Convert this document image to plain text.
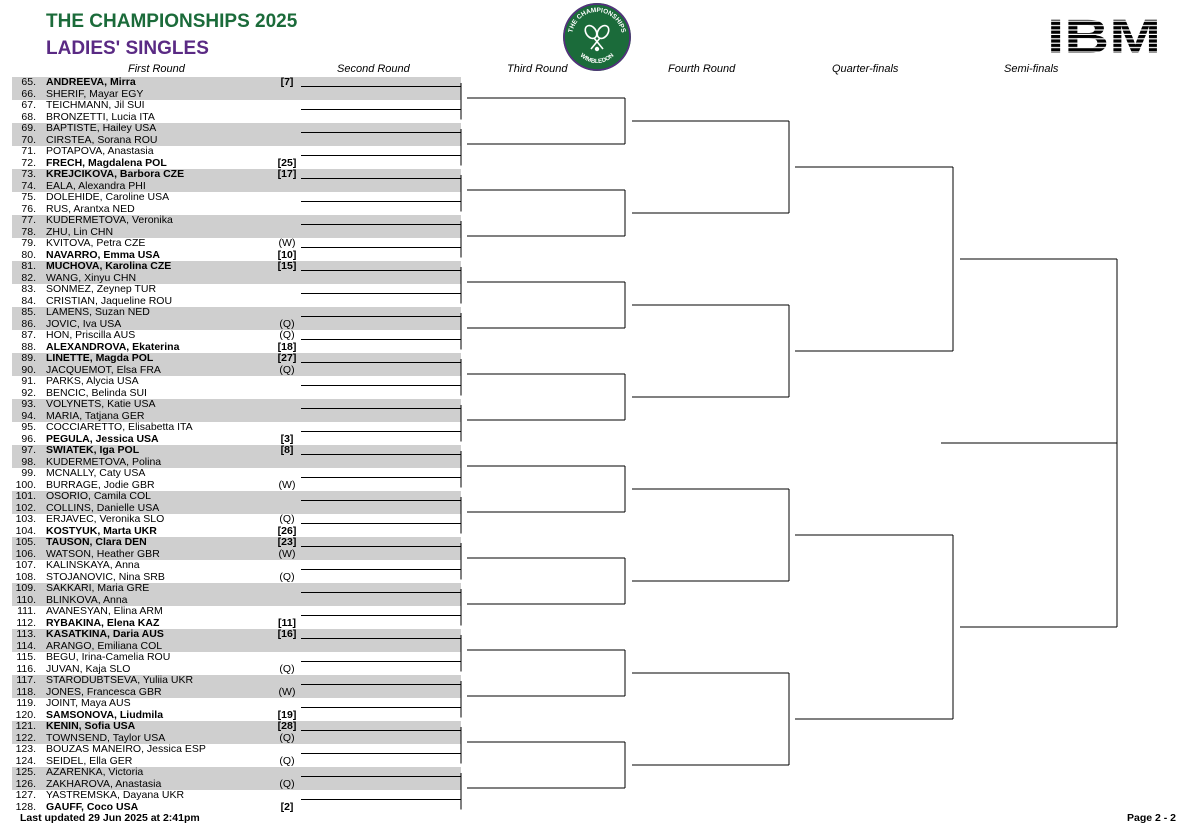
THE CHAMPIONSHIPS 2025
LADIES' SINGLES
THE CHAMPIONSHIPS
WIMBLEDON	IBM
First Round	Second Round	Third Round	Fourth Round	Quarter-finals	Semi-finals
65. ANDREEVA, Mirra	[7]
66. SHERIF, Mayar EGY
67. TEICHMANN, Jil SUI
68. BRONZETTI, Lucia ITA
69. BAPTISTE, Hailey USA
70. CIRSTEA, Sorana ROU
71. POTAPOVA, Anastasia
72. FRECH, Magdalena POL	[25]
73. KREJCIKOVA, Barbora CZE	[17]
74. EALA, Alexandra PHI
75. DOLEHIDE, Caroline USA
76. RUS, Arantxa NED
77. KUDERMETOVA, Veronika
78. ZHU, Lin CHN
79. KVITOVA, Petra CZE	(W)
80. NAVARRO, Emma USA	[10]
81. MUCHOVA, Karolina CZE	[15]
82. WANG, Xinyu CHN
83. SONMEZ, Zeynep TUR
84. CRISTIAN, Jaqueline ROU
85. LAMENS, Suzan NED
86. JOVIC, Iva USA	(Q)
87. HON, Priscilla AUS	(Q)
88. ALEXANDROVA, Ekaterina	[18]
89. LINETTE, Magda POL	[27]
90. JACQUEMOT, Elsa FRA	(Q)
91. PARKS, Alycia USA
92. BENCIC, Belinda SUI
93. VOLYNETS, Katie USA
94. MARIA, Tatjana GER
95. COCCIARETTO, Elisabetta ITA
96. PEGULA, Jessica USA	[3]
97. SWIATEK, Iga POL	[8]
98. KUDERMETOVA, Polina
99. MCNALLY, Caty USA
100. BURRAGE, Jodie GBR	(W)
101. OSORIO, Camila COL
102. COLLINS, Danielle USA
103. ERJAVEC, Veronika SLO	(Q)
104. KOSTYUK, Marta UKR	[26]
105. TAUSON, Clara DEN	[23]
106. WATSON, Heather GBR	(W)
107. KALINSKAYA, Anna
108. STOJANOVIC, Nina SRB	(Q)
109. SAKKARI, Maria GRE
110. BLINKOVA, Anna
111. AVANESYAN, Elina ARM
112. RYBAKINA, Elena KAZ	[11]
113. KASATKINA, Daria AUS	[16]
114. ARANGO, Emiliana COL
115. BEGU, Irina-Camelia ROU
116. JUVAN, Kaja SLO	(Q)
117. STARODUBTSEVA, Yuliia UKR
118. JONES, Francesca GBR	(W)
119. JOINT, Maya AUS
120. SAMSONOVA, Liudmila	[19]
121. KENIN, Sofia USA	[28]
122. TOWNSEND, Taylor USA	(Q)
123. BOUZAS MANEIRO, Jessica ESP
124. SEIDEL, Ella GER	(Q)
125. AZARENKA, Victoria
126. ZAKHAROVA, Anastasia	(Q)
127. YASTREMSKA, Dayana UKR
128. GAUFF, Coco USA	[2]
Last updated 29 Jun 2025 at 2:41pm	Page 2 - 2
